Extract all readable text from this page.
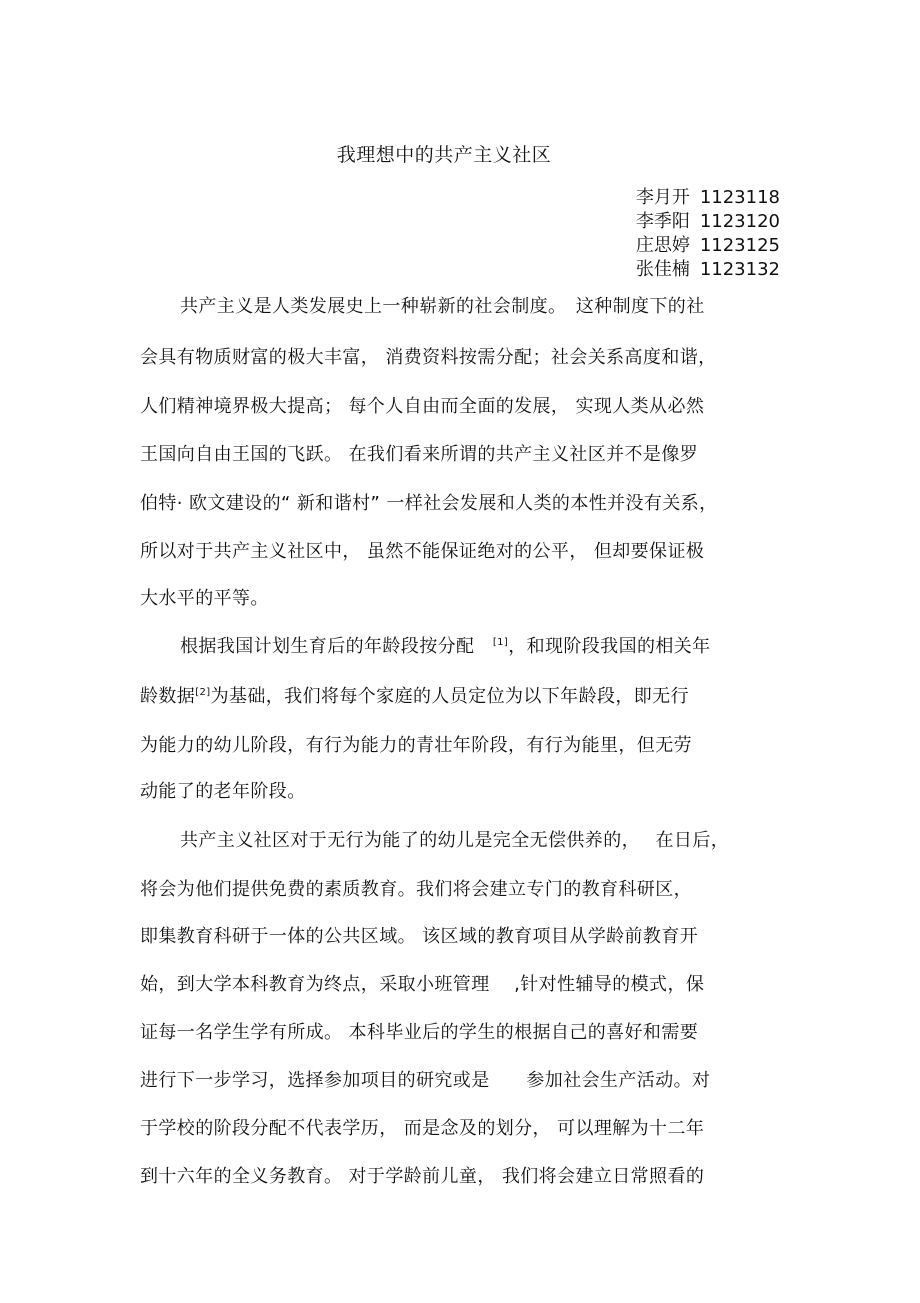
我理想中的共产主义社区
李月开 1123118
李季阳 1123120
庄思婷 1123125
张佳楠 1123132
共产主义是人类发展史上一种崭新的社会制度。　这种制度下的社
会具有物质财富的极大丰富， 消费资料按需分配；社会关系高度和谐，
人们精神境界极大提高； 每个人自由而全面的发展， 实现人类从必然
王国向自由王国的飞跃。 在我们看来所谓的共产主义社区并不是像罗
伯特· 欧文建设的“ 新和谐村” 一样社会发展和人类的本性并没有关系，
所以对于共产主义社区中， 虽然不能保证绝对的公平， 但却要保证极
大水平的平等。
根据我国计划生育后的年龄段按分配　[1]，和现阶段我国的相关年
龄数据[2]为基础，我们将每个家庭的人员定位为以下年龄段，即无行
为能力的幼儿阶段，有行为能力的青壮年阶段，有行为能里，但无劳
动能了的老年阶段。
共产主义社区对于无行为能了的幼儿是完全无偿供养的，　 在日后，
将会为他们提供免费的素质教育。我们将会建立专门的教育科研区，
即集教育科研于一体的公共区域。 该区域的教育项目从学龄前教育开
始，到大学本科教育为终点，采取小班管理　 ,针对性辅导的模式，保
证每一名学生学有所成。 本科毕业后的学生的根据自己的喜好和需要
进行下一步学习，选择参加项目的研究或是　　参加社会生产活动。对
于学校的阶段分配不代表学历， 而是念及的划分， 可以理解为十二年
到十六年的全义务教育。 对于学龄前儿童， 我们将会建立日常照看的
